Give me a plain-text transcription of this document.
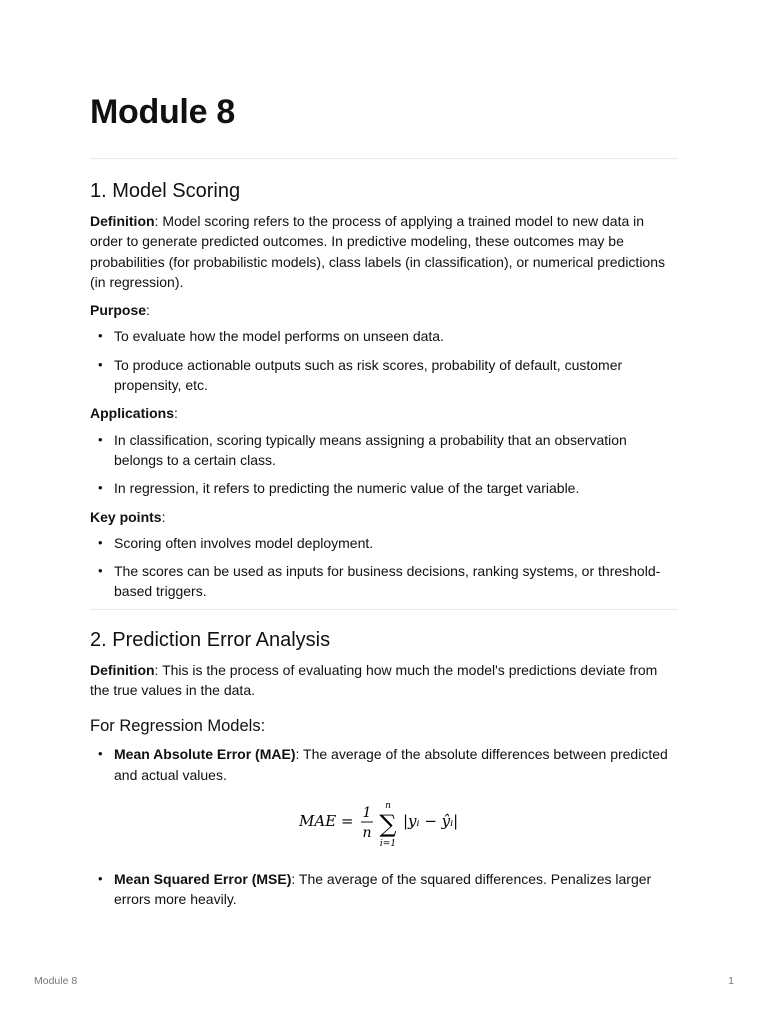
Module 8
1. Model Scoring

Definition: Model scoring refers to the process of applying a trained model to new data in order to generate predicted outcomes. In predictive modeling, these outcomes may be probabilities (for probabilistic models), class labels (in classification), or numerical predictions (in regression).

Purpose:

• To evaluate how the model performs on unseen data.
• To produce actionable outputs such as risk scores, probability of default, customer propensity, etc.

Applications:

• In classification, scoring typically means assigning a probability that an observation belongs to a certain class.
• In regression, it refers to predicting the numeric value of the target variable.

Key points:

• Scoring often involves model deployment.
• The scores can be used as inputs for business decisions, ranking systems, or threshold-based triggers.
2. Prediction Error Analysis

Definition: This is the process of evaluating how much the model's predictions deviate from the true values in the data.

For Regression Models:
• Mean Absolute Error (MAE): The average of the absolute differences between predicted and actual values.
MAE = 1
n
n
∑
i=1
|yᵢ − ŷᵢ|
• Mean Squared Error (MSE): The average of the squared differences. Penalizes larger errors more heavily.
Module 8	1
